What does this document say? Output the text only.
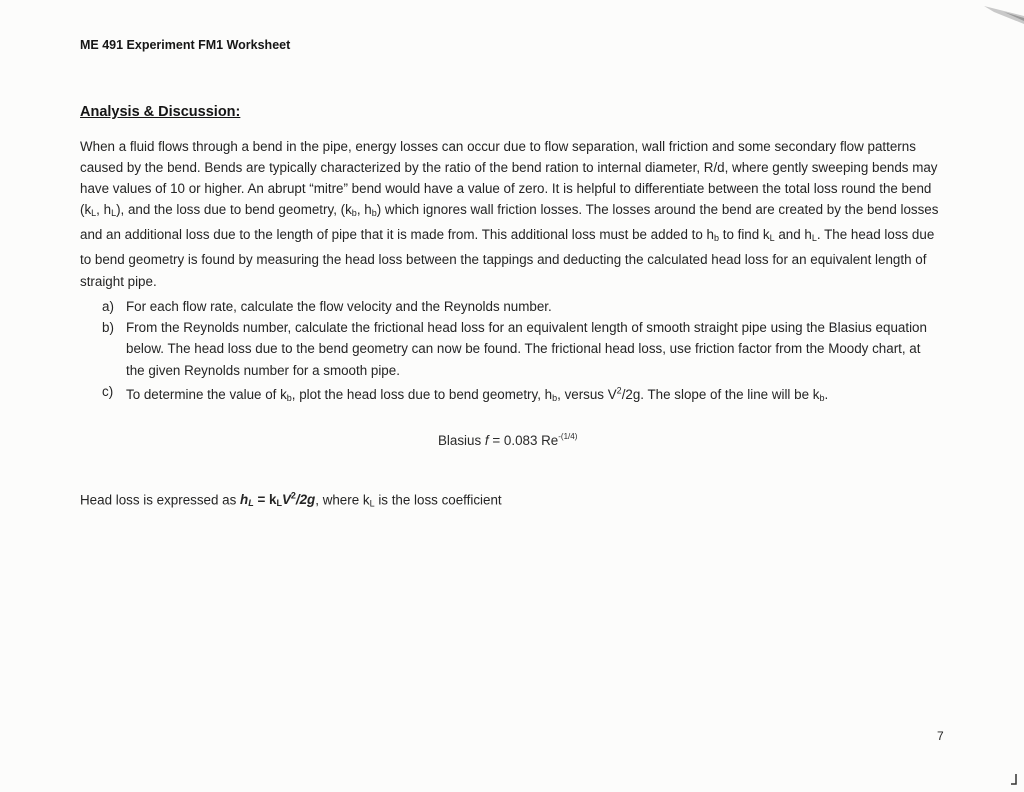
ME 491 Experiment FM1 Worksheet
Analysis & Discussion:
When a fluid flows through a bend in the pipe, energy losses can occur due to flow separation, wall friction and some secondary flow patterns caused by the bend. Bends are typically characterized by the ratio of the bend ration to internal diameter, R/d, where gently sweeping bends may have values of 10 or higher. An abrupt “mitre” bend would have a value of zero. It is helpful to differentiate between the total loss round the bend ($k_L$, $h_L$), and the loss due to bend geometry, ($k_b$, $h_b$) which ignores wall friction losses. The losses around the bend are created by the bend losses and an additional loss due to the length of pipe that it is made from. This additional loss must be added to $h_b$ to find $k_L$ and $h_L$. The head loss due to bend geometry is found by measuring the head loss between the tappings and deducting the calculated head loss for an equivalent length of straight pipe.
a) For each flow rate, calculate the flow velocity and the Reynolds number.
b) From the Reynolds number, calculate the frictional head loss for an equivalent length of smooth straight pipe using the Blasius equation below. The head loss due to the bend geometry can now be found. The frictional head loss, use friction factor from the Moody chart, at the given Reynolds number for a smooth pipe.
c) To determine the value of $k_b$, plot the head loss due to bend geometry, $h_b$, versus $V^2/2g$. The slope of the line will be $k_b$.
Blasius f = 0.083 $Re^{-(1/4)}$
Head loss is expressed as $h_L = k_LV^2/2g$, where $k_L$ is the loss coefficient
7
